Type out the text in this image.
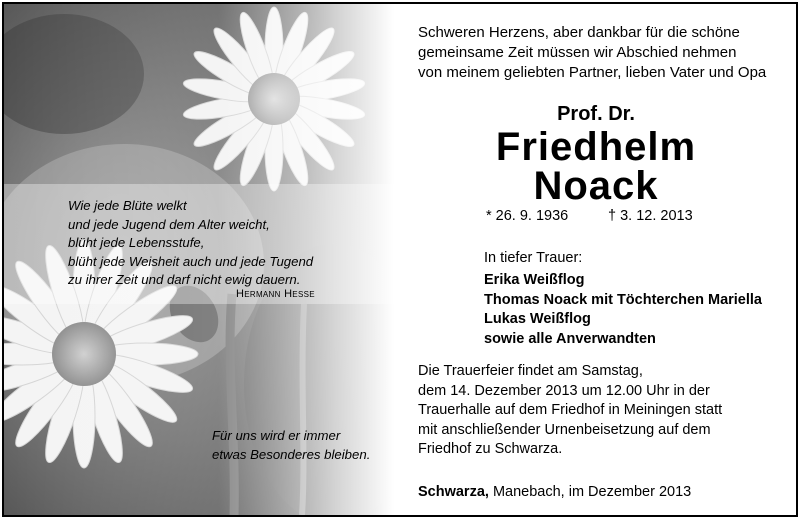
Wie jede Blüte welkt
und jede Jugend dem Alter weicht,
blüht jede Lebensstufe,
blüht jede Weisheit auch und jede Tugend
zu ihrer Zeit und darf nicht ewig dauern.
Hermann Hesse
Für uns wird er immer
etwas Besonderes bleiben.
Schweren Herzens, aber dankbar für die schöne
gemeinsame Zeit müssen wir Abschied nehmen
von meinem geliebten Partner, lieben Vater und Opa
Prof. Dr.
Friedhelm
Noack
* 26. 9. 1936	† 3. 12. 2013
In tiefer Trauer:
Erika Weißflog
Thomas Noack mit Töchterchen Mariella
Lukas Weißflog
sowie alle Anverwandten
Die Trauerfeier findet am Samstag,
dem 14. Dezember 2013 um 12.00 Uhr in der
Trauerhalle auf dem Friedhof in Meiningen statt
mit anschließender Urnenbeisetzung auf dem
Friedhof zu Schwarza.
Schwarza, Manebach, im Dezember 2013
